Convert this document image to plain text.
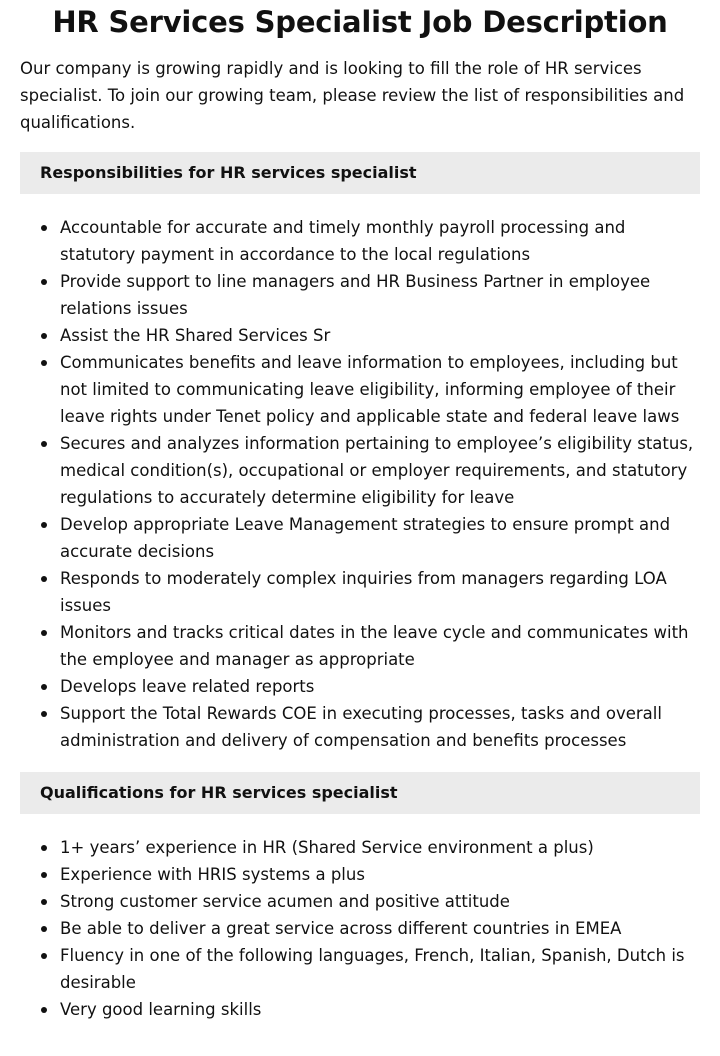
HR Services Specialist Job Description

Our company is growing rapidly and is looking to fill the role of HR services specialist. To join our growing team, please review the list of responsibilities and qualifications.

Responsibilities for HR services specialist
Accountable for accurate and timely monthly payroll processing and statutory payment in accordance to the local regulations
Provide support to line managers and HR Business Partner in employee relations issues
Assist the HR Shared Services Sr
Communicates benefits and leave information to employees, including but not limited to communicating leave eligibility, informing employee of their leave rights under Tenet policy and applicable state and federal leave laws
Secures and analyzes information pertaining to employee’s eligibility status, medical condition(s), occupational or employer requirements, and statutory regulations to accurately determine eligibility for leave
Develop appropriate Leave Management strategies to ensure prompt and accurate decisions
Responds to moderately complex inquiries from managers regarding LOA issues
Monitors and tracks critical dates in the leave cycle and communicates with the employee and manager as appropriate
Develops leave related reports
Support the Total Rewards COE in executing processes, tasks and overall administration and delivery of compensation and benefits processes
Qualifications for HR services specialist
1+ years’ experience in HR (Shared Service environment a plus)
Experience with HRIS systems a plus
Strong customer service acumen and positive attitude
Be able to deliver a great service across different countries in EMEA
Fluency in one of the following languages, French, Italian, Spanish, Dutch is desirable
Very good learning skills
